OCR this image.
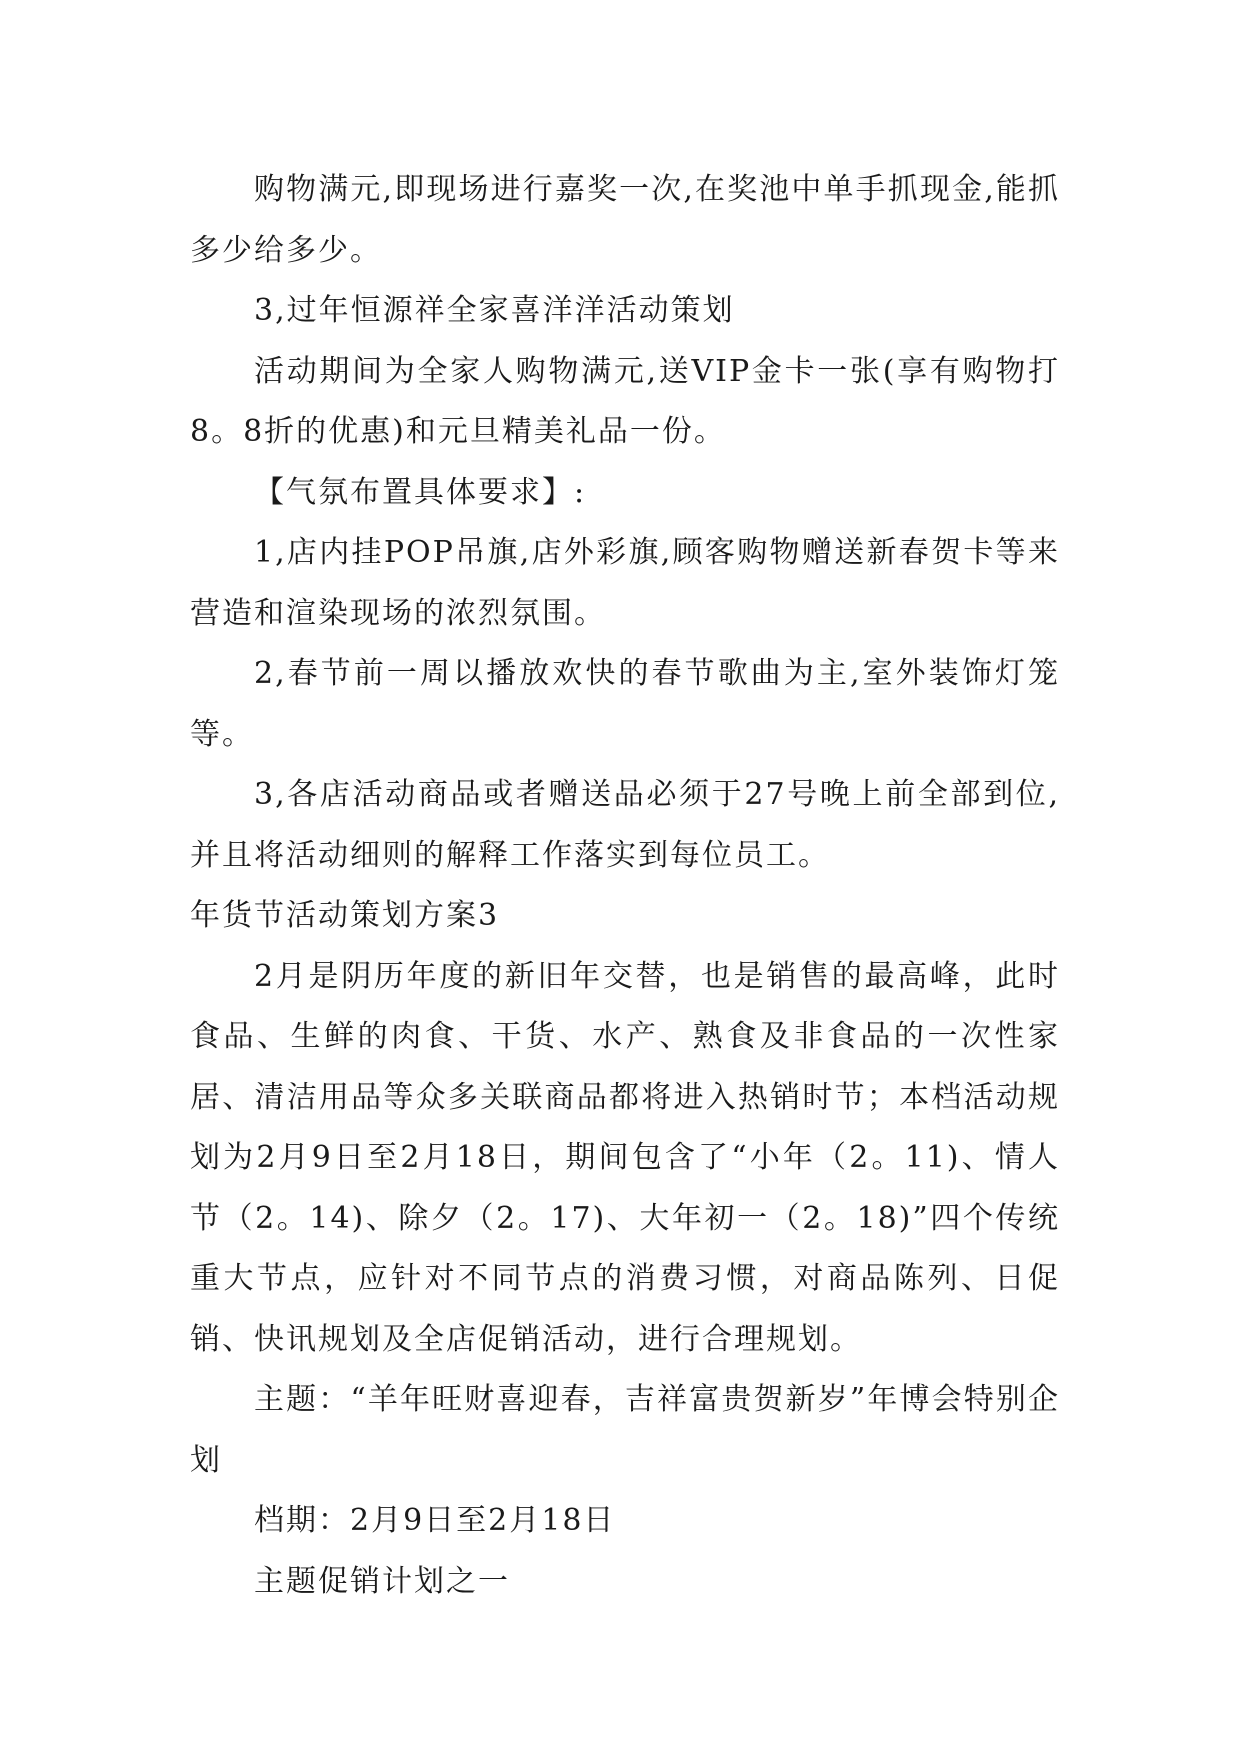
购物满元,即现场进行嘉奖一次,在奖池中单手抓现金,能抓多少给多少。

3,过年恒源祥全家喜洋洋活动策划

活动期间为全家人购物满元,送VIP金卡一张(享有购物打8。8折的优惠)和元旦精美礼品一份。

【气氛布置具体要求】:

1,店内挂POP吊旗,店外彩旗,顾客购物赠送新春贺卡等来营造和渲染现场的浓烈氛围。

2,春节前一周以播放欢快的春节歌曲为主,室外装饰灯笼等。

3,各店活动商品或者赠送品必须于27号晚上前全部到位,并且将活动细则的解释工作落实到每位员工。

年货节活动策划方案3

2月是阴历年度的新旧年交替，也是销售的最高峰，此时食品、生鲜的肉食、干货、水产、熟食及非食品的一次性家居、清洁用品等众多关联商品都将进入热销时节；本档活动规划为2月9日至2月18日，期间包含了“小年（2。11)、情人节（2。14)、除夕（2。17)、大年初一（2。18)”四个传统重大节点，应针对不同节点的消费习惯，对商品陈列、日促销、快讯规划及全店促销活动，进行合理规划。

主题：“羊年旺财喜迎春，吉祥富贵贺新岁”年博会特别企划

档期：2月9日至2月18日

主题促销计划之一
